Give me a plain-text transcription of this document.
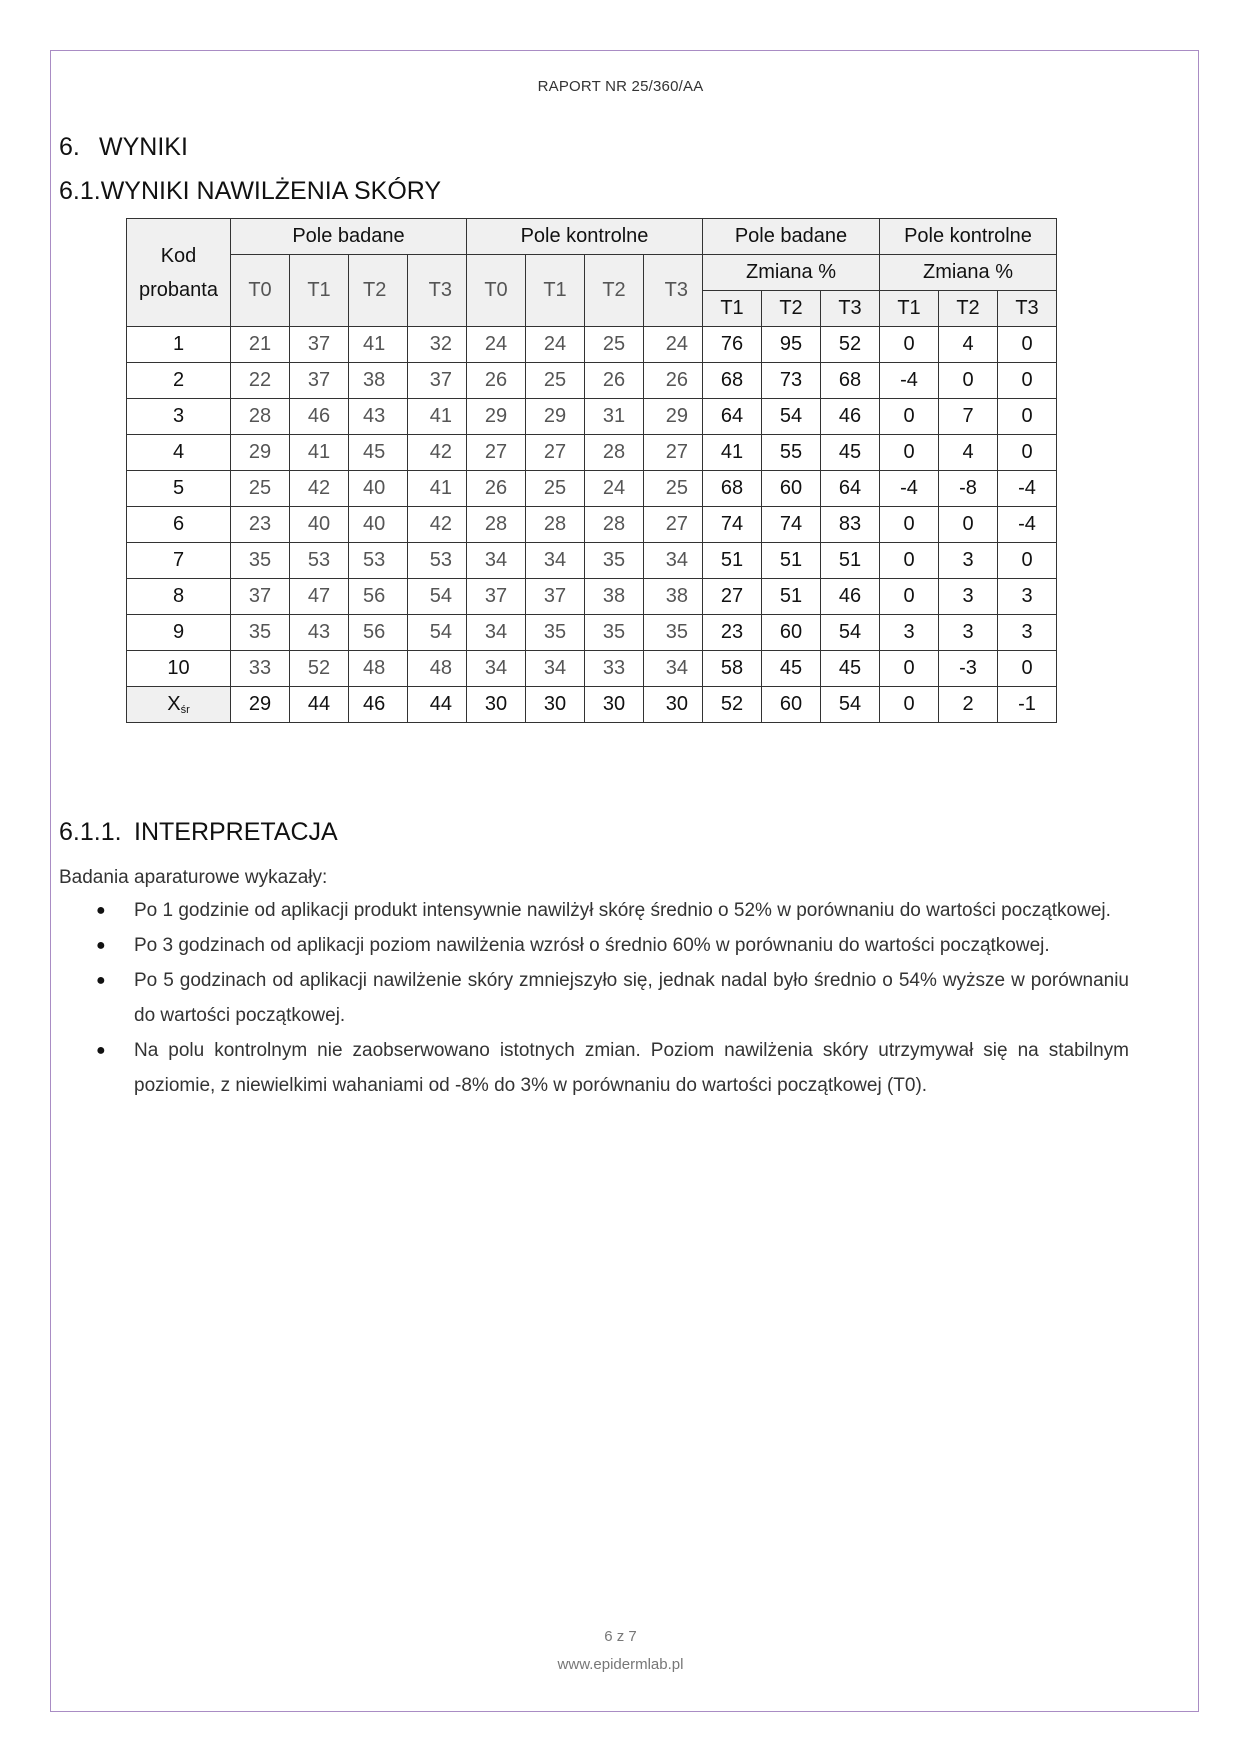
RAPORT NR 25/360/AA
6. WYNIKI
6.1.WYNIKI NAWILŻENIA SKÓRY
Kod
probanta	Pole badane				Pole kontrolne				Pole badane			Pole kontrolne		
	T0	T1	T2	T3	T0	T1	T2	T3	Zmiana %			Zmiana %		
									T1	T2	T3	T1	T2	T3
1	21	37	41	32	24	24	25	24	76	95	52	0	4	0
2	22	37	38	37	26	25	26	26	68	73	68	-4	0	0
3	28	46	43	41	29	29	31	29	64	54	46	0	7	0
4	29	41	45	42	27	27	28	27	41	55	45	0	4	0
5	25	42	40	41	26	25	24	25	68	60	64	-4	-8	-4
6	23	40	40	42	28	28	28	27	74	74	83	0	0	-4
7	35	53	53	53	34	34	35	34	51	51	51	0	3	0
8	37	47	56	54	37	37	38	38	27	51	46	0	3	3
9	35	43	56	54	34	35	35	35	23	60	54	3	3	3
10	33	52	48	48	34	34	33	34	58	45	45	0	-3	0
$X_{śr}$	29	44	46	44	30	30	30	30	52	60	54	0	2	-1
6.1.1. INTERPRETACJA
Badania aparaturowe wykazały:
● Po 1 godzinie od aplikacji produkt intensywnie nawilżył skórę średnio o 52% w porównaniu do wartości początkowej.
● Po 3 godzinach od aplikacji poziom nawilżenia wzrósł o średnio 60% w porównaniu do wartości początkowej.
● Po 5 godzinach od aplikacji nawilżenie skóry zmniejszyło się, jednak nadal było średnio o 54% wyższe w porównaniu do wartości początkowej.
● Na polu kontrolnym nie zaobserwowano istotnych zmian. Poziom nawilżenia skóry utrzymywał się na stabilnym poziomie, z niewielkimi wahaniami od -8% do 3% w porównaniu do wartości początkowej (T0).
6 z 7
www.epidermlab.pl
